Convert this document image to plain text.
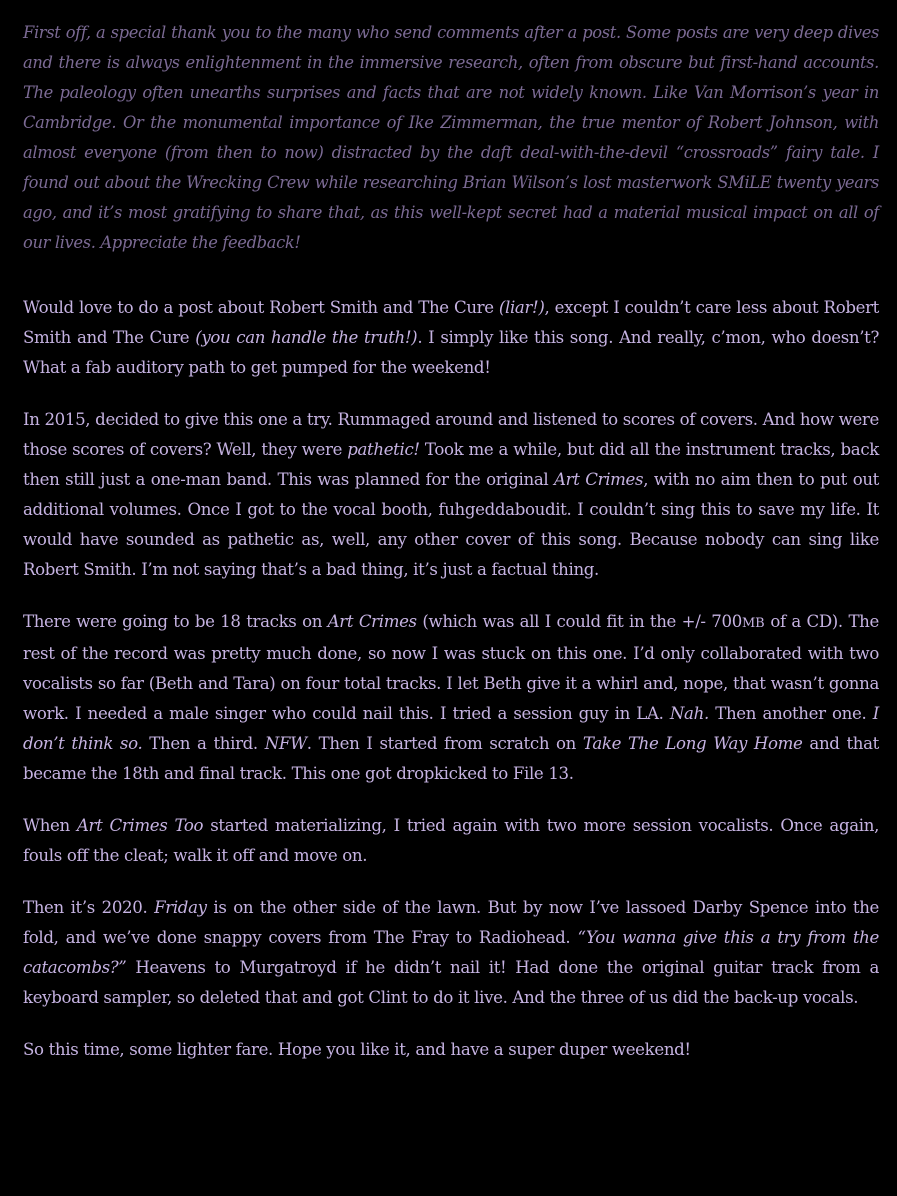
First off, a special thank you to the many who send comments after a post. Some posts are very deep dives and there is always enlightenment in the immersive research, often from obscure but first-hand accounts. The paleology often unearths surprises and facts that are not widely known. Like Van Morrison’s year in Cambridge. Or the monumental importance of Ike Zimmerman, the true mentor of Robert Johnson, with almost everyone (from then to now) distracted by the daft deal-with-the-devil “crossroads” fairy tale. I found out about the Wrecking Crew while researching Brian Wilson’s lost masterwork SMiLE twenty years ago, and it’s most gratifying to share that, as this well-kept secret had a material musical impact on all of our lives. Appreciate the feedback!

Would love to do a post about Robert Smith and The Cure (liar!), except I couldn’t care less about Robert Smith and The Cure (you can handle the truth!). I simply like this song. And really, c’mon, who doesn’t? What a fab auditory path to get pumped for the weekend!

In 2015, decided to give this one a try. Rummaged around and listened to scores of covers. And how were those scores of covers? Well, they were pathetic! Took me a while, but did all the instrument tracks, back then still just a one-man band. This was planned for the original Art Crimes, with no aim then to put out additional volumes. Once I got to the vocal booth, fuhgeddaboudit. I couldn’t sing this to save my life. It would have sounded as pathetic as, well, any other cover of this song. Because nobody can sing like Robert Smith. I’m not saying that’s a bad thing, it’s just a factual thing.

There were going to be 18 tracks on Art Crimes (which was all I could fit in the +/- 700MB of a CD). The rest of the record was pretty much done, so now I was stuck on this one. I’d only collaborated with two vocalists so far (Beth and Tara) on four total tracks. I let Beth give it a whirl and, nope, that wasn’t gonna work. I needed a male singer who could nail this. I tried a session guy in LA. Nah. Then another one. I don’t think so. Then a third. NFW. Then I started from scratch on Take The Long Way Home and that became the 18th and final track. This one got dropkicked to File 13.

When Art Crimes Too started materializing, I tried again with two more session vocalists. Once again, fouls off the cleat; walk it off and move on.

Then it’s 2020. Friday is on the other side of the lawn. But by now I’ve lassoed Darby Spence into the fold, and we’ve done snappy covers from The Fray to Radiohead. “You wanna give this a try from the catacombs?” Heavens to Murgatroyd if he didn’t nail it! Had done the original guitar track from a keyboard sampler, so deleted that and got Clint to do it live. And the three of us did the back-up vocals.

So this time, some lighter fare. Hope you like it, and have a super duper weekend!
